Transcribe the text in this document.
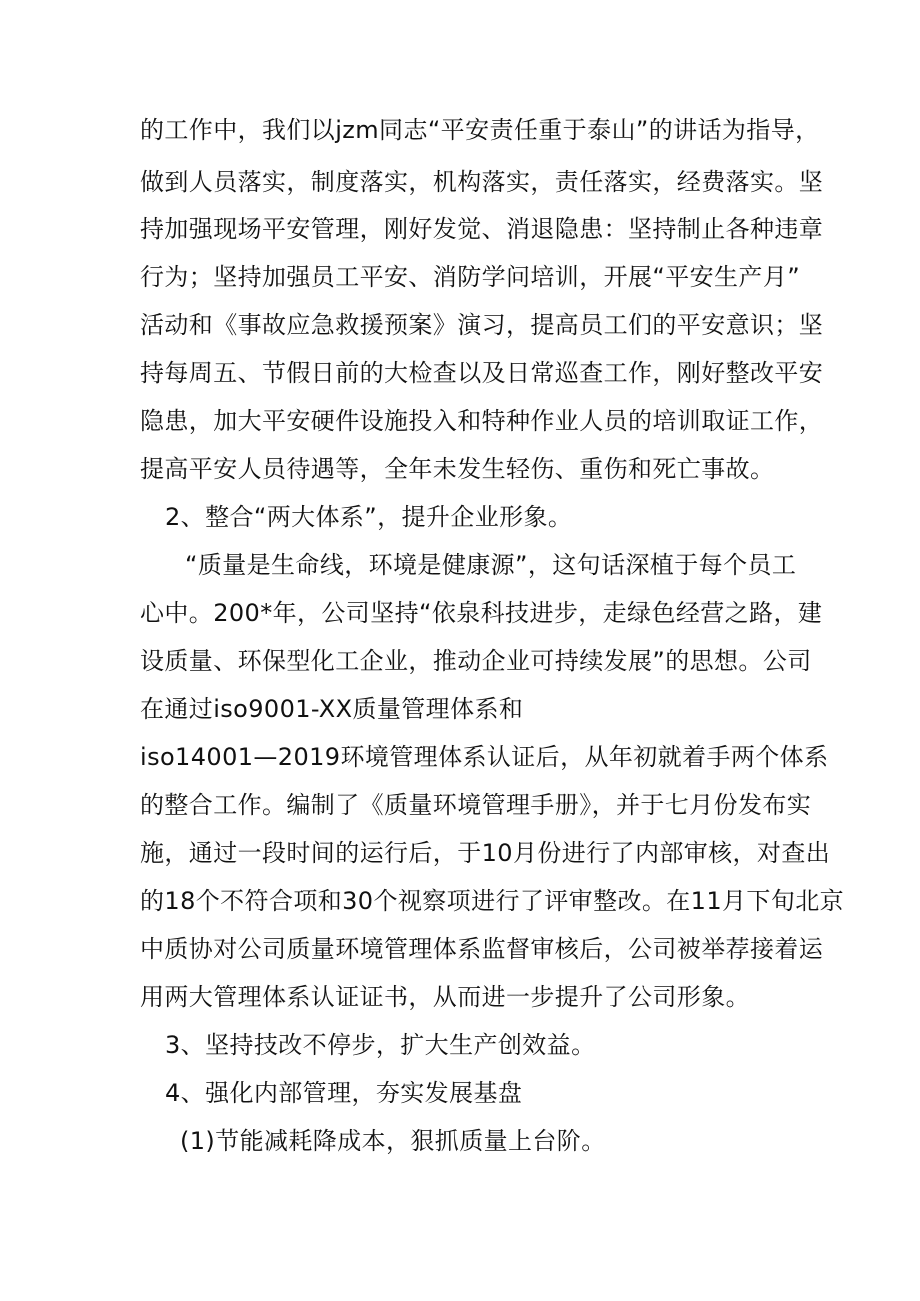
的工作中，我们以jzm同志“平安责任重于泰山”的讲话为指导，
做到人员落实，制度落实，机构落实，责任落实，经费落实。坚
持加强现场平安管理，刚好发觉、消退隐患：坚持制止各种违章
行为；坚持加强员工平安、消防学问培训，开展“平安生产月”
活动和《事故应急救援预案》演习，提高员工们的平安意识；坚
持每周五、节假日前的大检查以及日常巡查工作，刚好整改平安
隐患，加大平安硬件设施投入和特种作业人员的培训取证工作，
提高平安人员待遇等，全年未发生轻伤、重伤和死亡事故。
2、整合“两大体系”，提升企业形象。
“质量是生命线，环境是健康源”，这句话深植于每个员工
心中。200*年，公司坚持“依泉科技进步，走绿色经营之路，建
设质量、环保型化工企业，推动企业可持续发展”的思想。公司
在通过iso9001-XX质量管理体系和
iso14001—2019环境管理体系认证后，从年初就着手两个体系
的整合工作。编制了《质量环境管理手册》，并于七月份发布实
施，通过一段时间的运行后，于10月份进行了内部审核，对查出
的18个不符合项和30个视察项进行了评审整改。在11月下旬北京
中质协对公司质量环境管理体系监督审核后，公司被举荐接着运
用两大管理体系认证证书，从而进一步提升了公司形象。
3、坚持技改不停步，扩大生产创效益。
4、强化内部管理，夯实发展基盘
(1)节能减耗降成本，狠抓质量上台阶。
